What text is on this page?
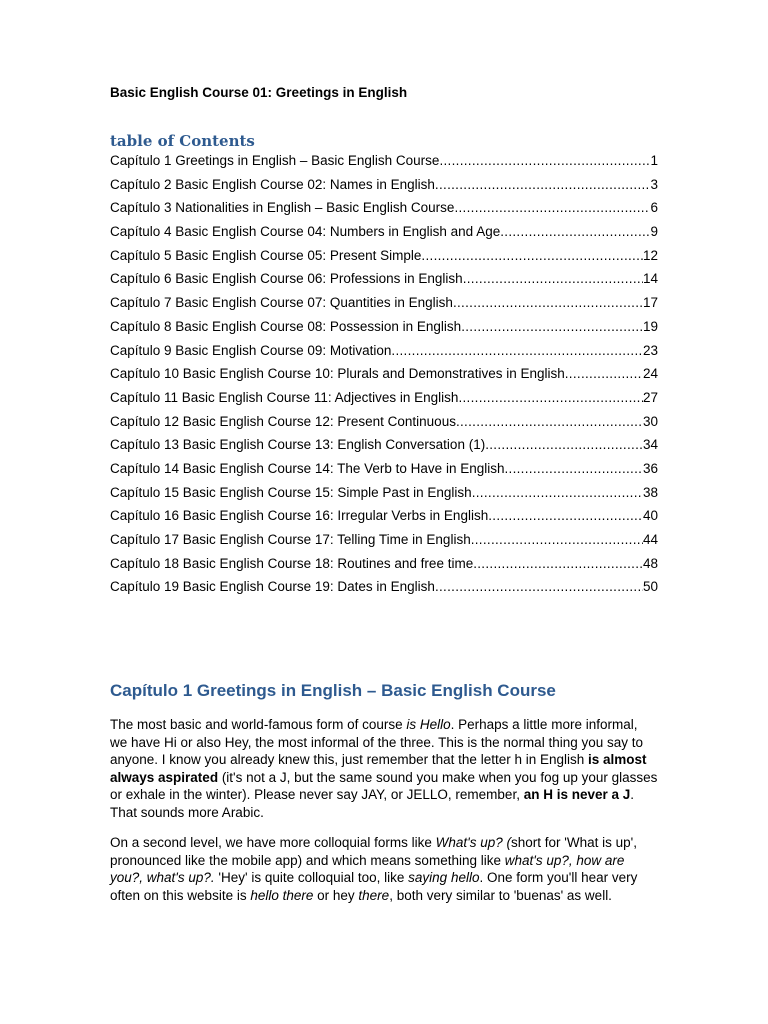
Basic English Course 01: Greetings in English
table of Contents
Capítulo 1 Greetings in English – Basic English Course .....	1
Capítulo 2 Basic English Course 02: Names in English .....	3
Capítulo 3 Nationalities in English – Basic English Course .....	6
Capítulo 4 Basic English Course 04: Numbers in English and Age .....	9
Capítulo 5 Basic English Course 05: Present Simple .....	12
Capítulo 6 Basic English Course 06: Professions in English .....	14
Capítulo 7 Basic English Course 07: Quantities in English .....	17
Capítulo 8 Basic English Course 08: Possession in English .....	19
Capítulo 9 Basic English Course 09: Motivation .....	23
Capítulo 10 Basic English Course 10: Plurals and Demonstratives in English .....	24
Capítulo 11 Basic English Course 11: Adjectives in English .....	27
Capítulo 12 Basic English Course 12: Present Continuous .....	30
Capítulo 13 Basic English Course 13: English Conversation (1) .....	34
Capítulo 14 Basic English Course 14: The Verb to Have in English .....	36
Capítulo 15 Basic English Course 15: Simple Past in English .....	38
Capítulo 16 Basic English Course 16: Irregular Verbs in English .....	40
Capítulo 17 Basic English Course 17: Telling Time in English .....	44
Capítulo 18 Basic English Course 18: Routines and free time .....	48
Capítulo 19 Basic English Course 19: Dates in English .....	50
Capítulo 1 Greetings in English – Basic English Course

The most basic and world-famous form of course is Hello. Perhaps a little more informal, we have Hi or also Hey, the most informal of the three. This is the normal thing you say to anyone. I know you already knew this, just remember that the letter h in English is almost always aspirated (it's not a J, but the same sound you make when you fog up your glasses or exhale in the winter). Please never say JAY, or JELLO, remember, an H is never a J. That sounds more Arabic.

On a second level, we have more colloquial forms like What's up? (short for 'What is up', pronounced like the mobile app) and which means something like what's up?, how are you?, what's up?. 'Hey' is quite colloquial too, like saying hello. One form you'll hear very often on this website is hello there or hey there, both very similar to 'buenas' as well.
